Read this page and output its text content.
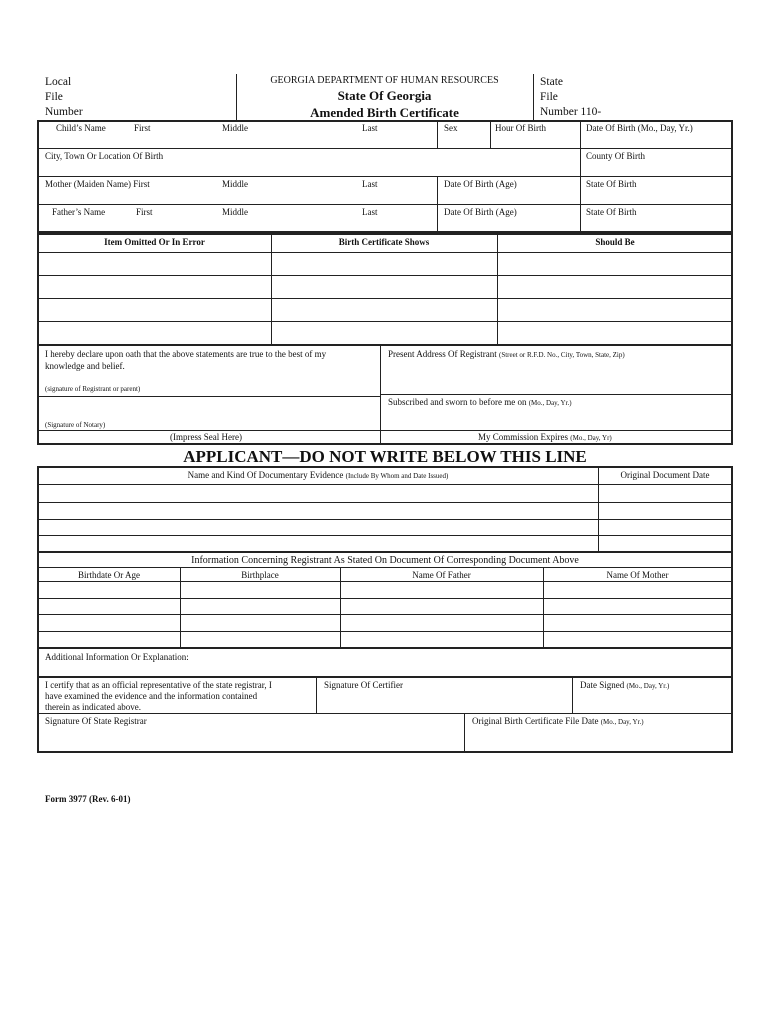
Local
File
Number
GEORGIA DEPARTMENT OF HUMAN RESOURCES
State Of Georgia
Amended Birth Certificate
State
File
Number 110-
Child’s Name	First	Middle	Last	Sex	Hour Of Birth	Date Of Birth (Mo., Day, Yr.)
City, Town Or Location Of Birth	County Of Birth
Mother (Maiden Name) First	Middle	Last	Date Of Birth (Age)	State Of Birth
Father’s Name	First	Middle	Last	Date Of Birth (Age)	State Of Birth
Item Omitted Or In Error	Birth Certificate Shows	Should Be
I hereby declare upon oath that the above statements are true to the best of my
knowledge and belief.
(signature of Registrant or parent)
Present Address Of Registrant (Street or R.F.D. No., City, Town, State, Zip)
Subscribed and sworn to before me on (Mo., Day, Yr.)
(Signature of Notary)
(Impress Seal Here)	My Commission Expires (Mo., Day, Yr)
APPLICANT—DO NOT WRITE BELOW THIS LINE
Name and Kind Of Documentary Evidence (Include By Whom and Date Issued)	Original Document Date
Information Concerning Registrant As Stated On Document Of Corresponding Document Above
Birthdate Or Age	Birthplace	Name Of Father	Name Of Mother
Additional Information Or Explanation:
I certify that as an official representative of the state registrar, I
have examined the evidence and the information contained
therein as indicated above.
Signature Of Certifier	Date Signed (Mo., Day, Yr.)
Signature Of State Registrar	Original Birth Certificate File Date (Mo., Day, Yr.)
Form 3977 (Rev. 6-01)
